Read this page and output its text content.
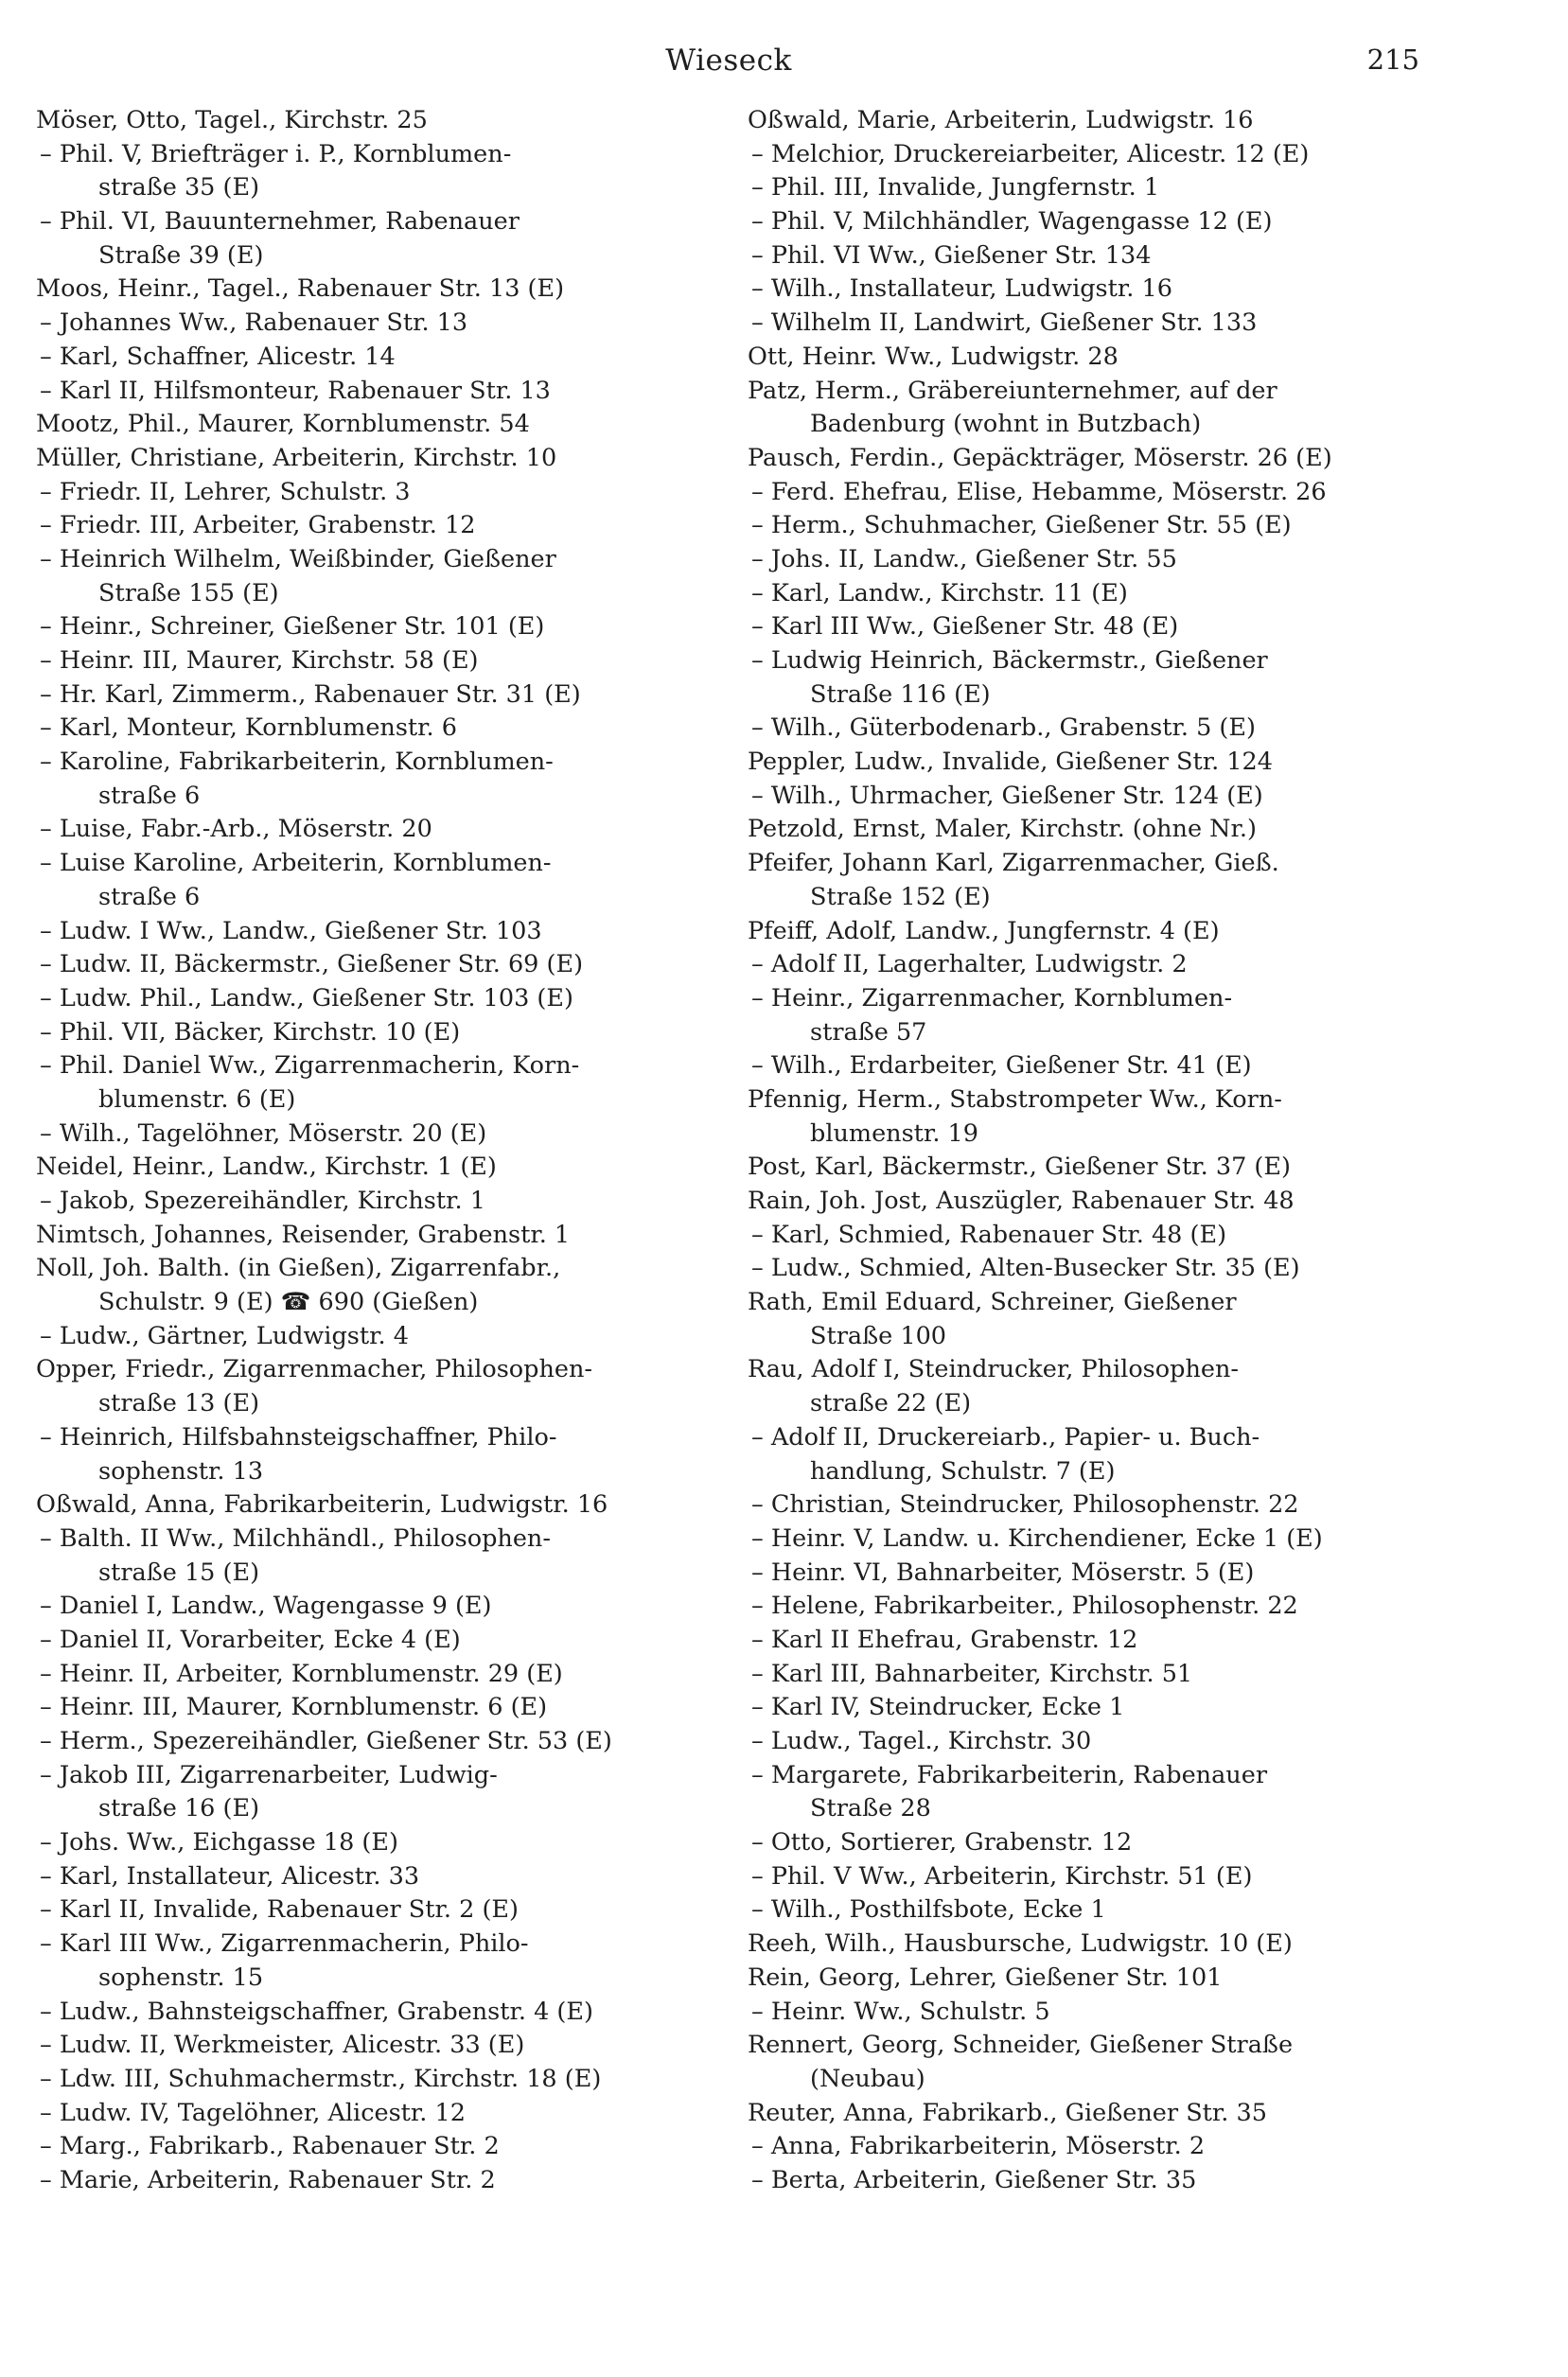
Wieseck	215
Möser, Otto, Tagel., Kirchstr. 25
– Phil. V, Briefträger i. P., Kornblumen-
straße 35 (E)
– Phil. VI, Bauunternehmer, Rabenauer
Straße 39 (E)
Moos, Heinr., Tagel., Rabenauer Str. 13 (E)
– Johannes Ww., Rabenauer Str. 13
– Karl, Schaffner, Alicestr. 14
– Karl II, Hilfsmonteur, Rabenauer Str. 13
Mootz, Phil., Maurer, Kornblumenstr. 54
Müller, Christiane, Arbeiterin, Kirchstr. 10
– Friedr. II, Lehrer, Schulstr. 3
– Friedr. III, Arbeiter, Grabenstr. 12
– Heinrich Wilhelm, Weißbinder, Gießener
Straße 155 (E)
– Heinr., Schreiner, Gießener Str. 101 (E)
– Heinr. III, Maurer, Kirchstr. 58 (E)
– Hr. Karl, Zimmerm., Rabenauer Str. 31 (E)
– Karl, Monteur, Kornblumenstr. 6
– Karoline, Fabrikarbeiterin, Kornblumen-
straße 6
– Luise, Fabr.-Arb., Möserstr. 20
– Luise Karoline, Arbeiterin, Kornblumen-
straße 6
– Ludw. I Ww., Landw., Gießener Str. 103
– Ludw. II, Bäckermstr., Gießener Str. 69 (E)
– Ludw. Phil., Landw., Gießener Str. 103 (E)
– Phil. VII, Bäcker, Kirchstr. 10 (E)
– Phil. Daniel Ww., Zigarrenmacherin, Korn-
blumenstr. 6 (E)
– Wilh., Tagelöhner, Möserstr. 20 (E)
Neidel, Heinr., Landw., Kirchstr. 1 (E)
– Jakob, Spezereihändler, Kirchstr. 1
Nimtsch, Johannes, Reisender, Grabenstr. 1
Noll, Joh. Balth. (in Gießen), Zigarrenfabr.,
Schulstr. 9 (E) ☎ 690 (Gießen)
– Ludw., Gärtner, Ludwigstr. 4
Opper, Friedr., Zigarrenmacher, Philosophen-
straße 13 (E)
– Heinrich, Hilfsbahnsteigschaffner, Philo-
sophenstr. 13
Oßwald, Anna, Fabrikarbeiterin, Ludwigstr. 16
– Balth. II Ww., Milchhändl., Philosophen-
straße 15 (E)
– Daniel I, Landw., Wagengasse 9 (E)
– Daniel II, Vorarbeiter, Ecke 4 (E)
– Heinr. II, Arbeiter, Kornblumenstr. 29 (E)
– Heinr. III, Maurer, Kornblumenstr. 6 (E)
– Herm., Spezereihändler, Gießener Str. 53 (E)
– Jakob III, Zigarrenarbeiter, Ludwig-
straße 16 (E)
– Johs. Ww., Eichgasse 18 (E)
– Karl, Installateur, Alicestr. 33
– Karl II, Invalide, Rabenauer Str. 2 (E)
– Karl III Ww., Zigarrenmacherin, Philo-
sophenstr. 15
– Ludw., Bahnsteigschaffner, Grabenstr. 4 (E)
– Ludw. II, Werkmeister, Alicestr. 33 (E)
– Ldw. III, Schuhmachermstr., Kirchstr. 18 (E)
– Ludw. IV, Tagelöhner, Alicestr. 12
– Marg., Fabrikarb., Rabenauer Str. 2
– Marie, Arbeiterin, Rabenauer Str. 2
Oßwald, Marie, Arbeiterin, Ludwigstr. 16
– Melchior, Druckereiarbeiter, Alicestr. 12 (E)
– Phil. III, Invalide, Jungfernstr. 1
– Phil. V, Milchhändler, Wagengasse 12 (E)
– Phil. VI Ww., Gießener Str. 134
– Wilh., Installateur, Ludwigstr. 16
– Wilhelm II, Landwirt, Gießener Str. 133
Ott, Heinr. Ww., Ludwigstr. 28
Patz, Herm., Gräbereiunternehmer, auf der
Badenburg (wohnt in Butzbach)
Pausch, Ferdin., Gepäckträger, Möserstr. 26 (E)
– Ferd. Ehefrau, Elise, Hebamme, Möserstr. 26
– Herm., Schuhmacher, Gießener Str. 55 (E)
– Johs. II, Landw., Gießener Str. 55
– Karl, Landw., Kirchstr. 11 (E)
– Karl III Ww., Gießener Str. 48 (E)
– Ludwig Heinrich, Bäckermstr., Gießener
Straße 116 (E)
– Wilh., Güterbodenarb., Grabenstr. 5 (E)
Peppler, Ludw., Invalide, Gießener Str. 124
– Wilh., Uhrmacher, Gießener Str. 124 (E)
Petzold, Ernst, Maler, Kirchstr. (ohne Nr.)
Pfeifer, Johann Karl, Zigarrenmacher, Gieß.
Straße 152 (E)
Pfeiff, Adolf, Landw., Jungfernstr. 4 (E)
– Adolf II, Lagerhalter, Ludwigstr. 2
– Heinr., Zigarrenmacher, Kornblumen-
straße 57
– Wilh., Erdarbeiter, Gießener Str. 41 (E)
Pfennig, Herm., Stabstrompeter Ww., Korn-
blumenstr. 19
Post, Karl, Bäckermstr., Gießener Str. 37 (E)
Rain, Joh. Jost, Auszügler, Rabenauer Str. 48
– Karl, Schmied, Rabenauer Str. 48 (E)
– Ludw., Schmied, Alten-Busecker Str. 35 (E)
Rath, Emil Eduard, Schreiner, Gießener
Straße 100
Rau, Adolf I, Steindrucker, Philosophen-
straße 22 (E)
– Adolf II, Druckereiarb., Papier- u. Buch-
handlung, Schulstr. 7 (E)
– Christian, Steindrucker, Philosophenstr. 22
– Heinr. V, Landw. u. Kirchendiener, Ecke 1 (E)
– Heinr. VI, Bahnarbeiter, Möserstr. 5 (E)
– Helene, Fabrikarbeiter., Philosophenstr. 22
– Karl II Ehefrau, Grabenstr. 12
– Karl III, Bahnarbeiter, Kirchstr. 51
– Karl IV, Steindrucker, Ecke 1
– Ludw., Tagel., Kirchstr. 30
– Margarete, Fabrikarbeiterin, Rabenauer
Straße 28
– Otto, Sortierer, Grabenstr. 12
– Phil. V Ww., Arbeiterin, Kirchstr. 51 (E)
– Wilh., Posthilfsbote, Ecke 1
Reeh, Wilh., Hausbursche, Ludwigstr. 10 (E)
Rein, Georg, Lehrer, Gießener Str. 101
– Heinr. Ww., Schulstr. 5
Rennert, Georg, Schneider, Gießener Straße
(Neubau)
Reuter, Anna, Fabrikarb., Gießener Str. 35
– Anna, Fabrikarbeiterin, Möserstr. 2
– Berta, Arbeiterin, Gießener Str. 35
